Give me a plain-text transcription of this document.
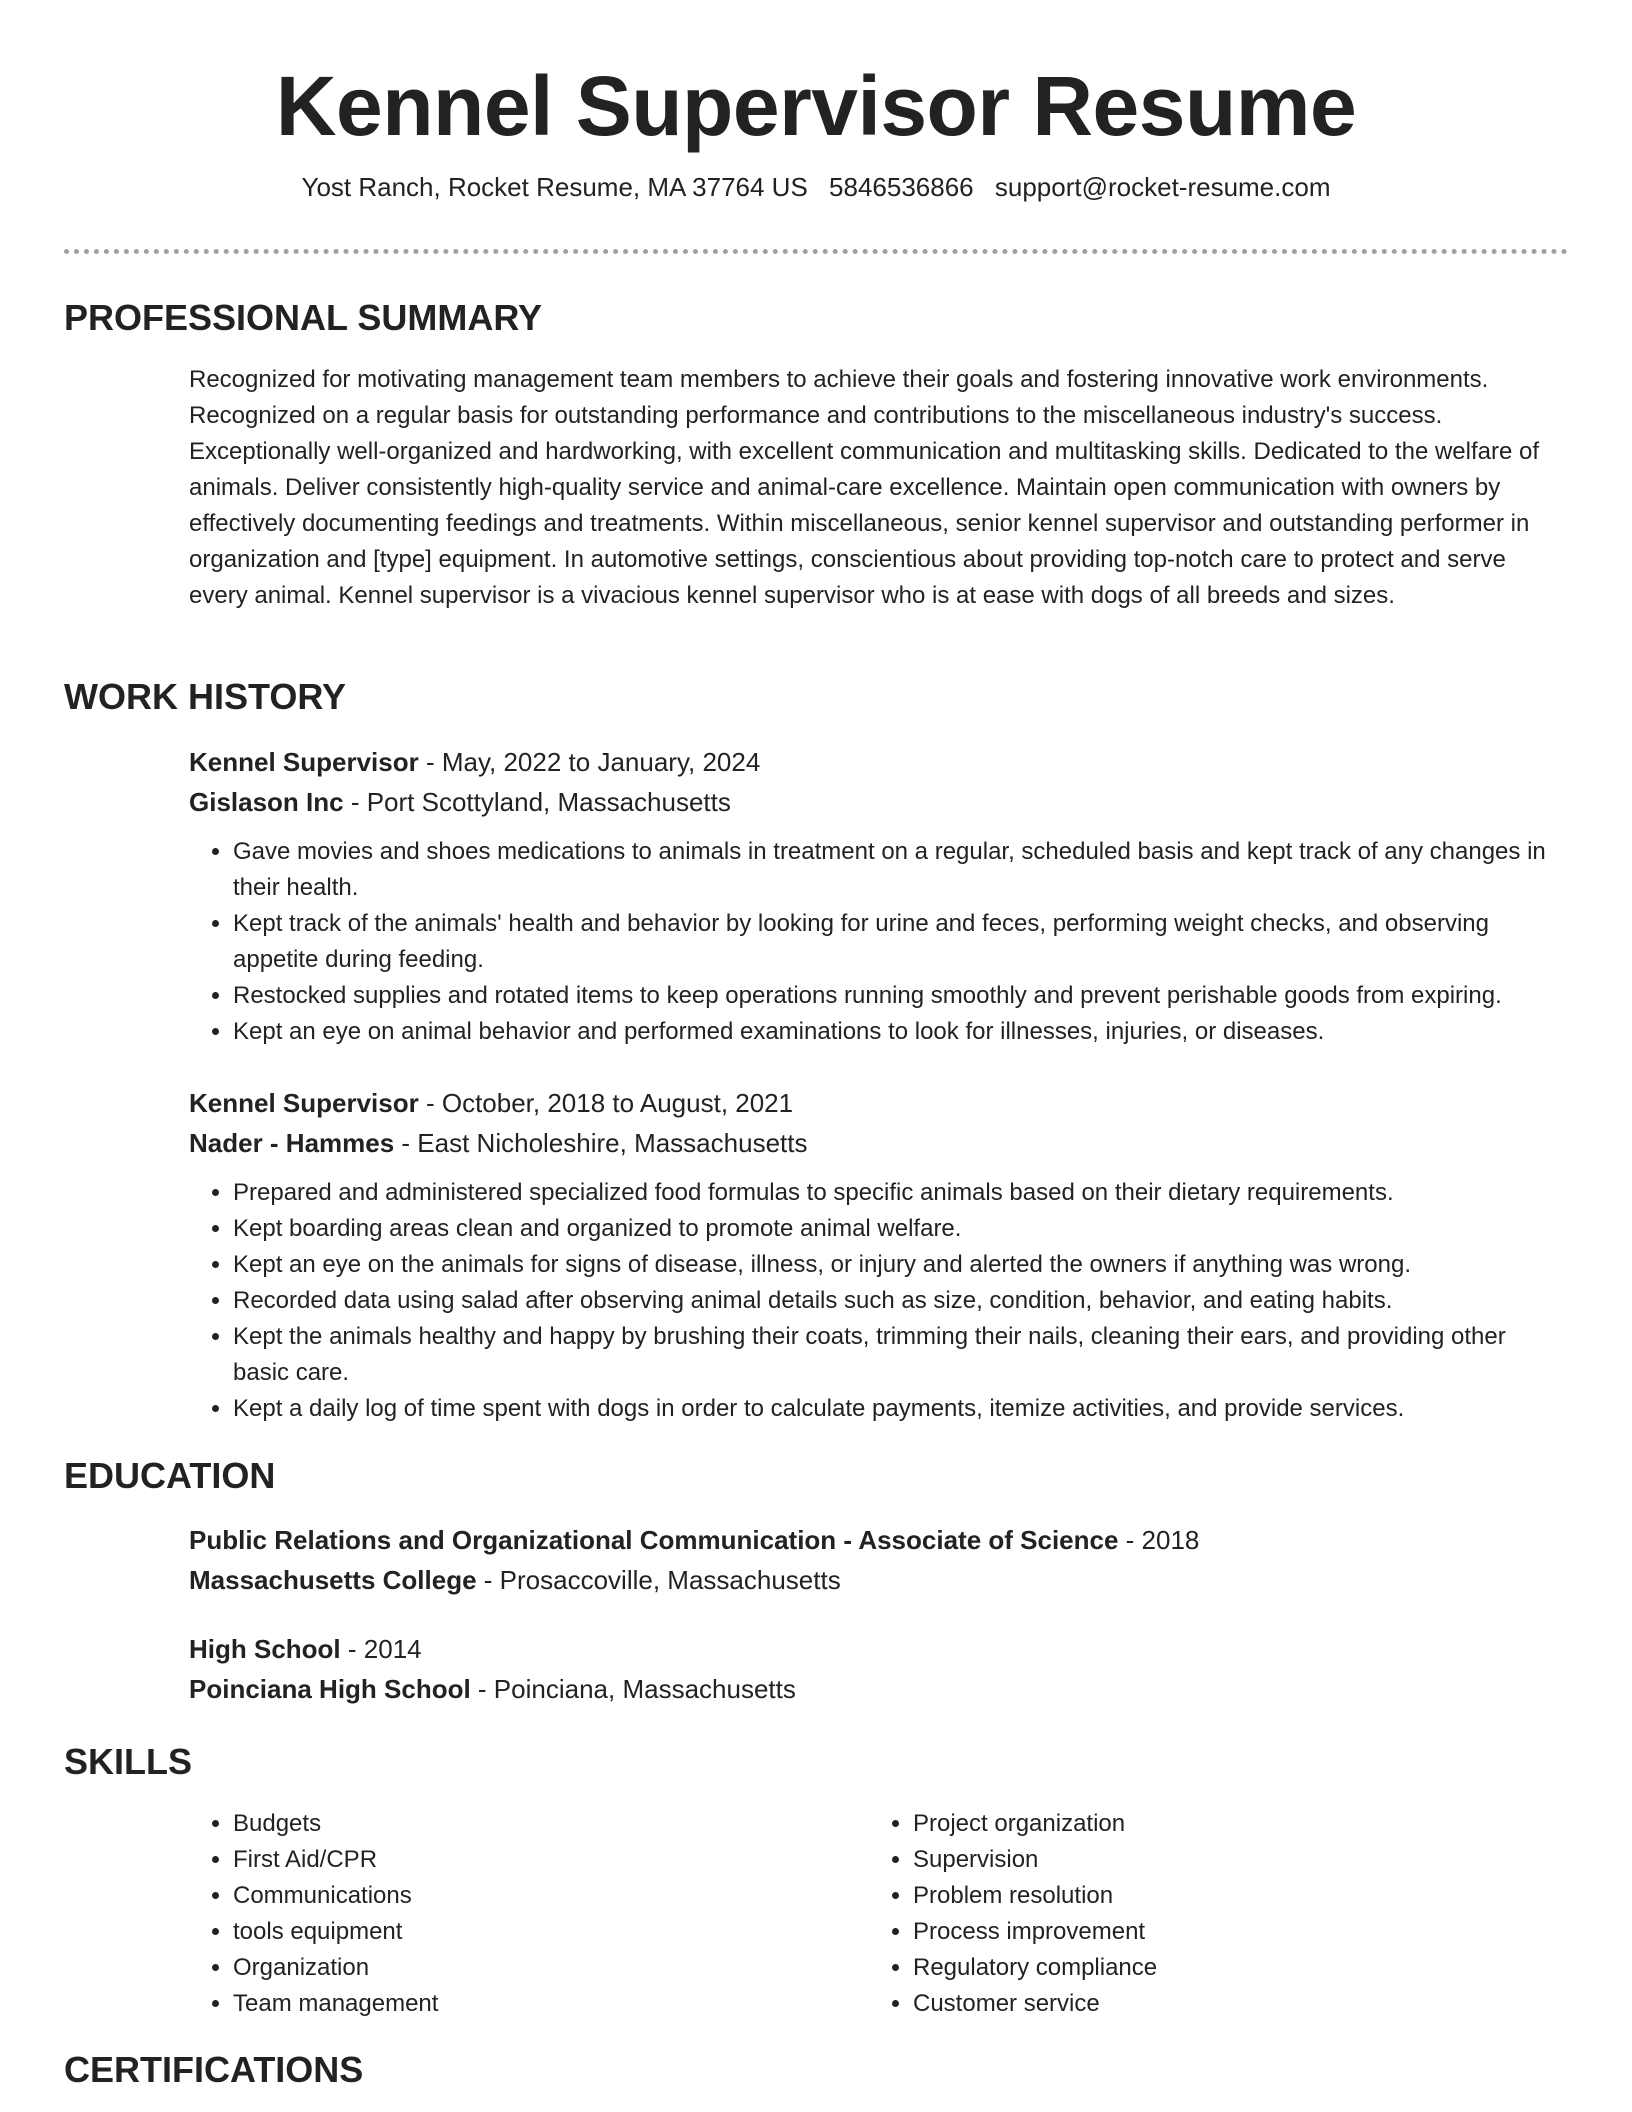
Kennel Supervisor Resume
Yost Ranch, Rocket Resume, MA 37764 US 5846536866 support@rocket-resume.com
PROFESSIONAL SUMMARY

Recognized for motivating management team members to achieve their goals and fostering innovative work environments. Recognized on a regular basis for outstanding performance and contributions to the miscellaneous industry's success. Exceptionally well-organized and hardworking, with excellent communication and multitasking skills. Dedicated to the welfare of animals. Deliver consistently high-quality service and animal-care excellence. Maintain open communication with owners by effectively documenting feedings and treatments. Within miscellaneous, senior kennel supervisor and outstanding performer in organization and [type] equipment. In automotive settings, conscientious about providing top-notch care to protect and serve every animal. Kennel supervisor is a vivacious kennel supervisor who is at ease with dogs of all breeds and sizes.

WORK HISTORY

Kennel Supervisor - May, 2022 to January, 2024

Gislason Inc - Port Scottyland, Massachusetts

• Gave movies and shoes medications to animals in treatment on a regular, scheduled basis and kept track of any changes in their health.
• Kept track of the animals' health and behavior by looking for urine and feces, performing weight checks, and observing appetite during feeding.
• Restocked supplies and rotated items to keep operations running smoothly and prevent perishable goods from expiring.
• Kept an eye on animal behavior and performed examinations to look for illnesses, injuries, or diseases.

Kennel Supervisor - October, 2018 to August, 2021

Nader - Hammes - East Nicholeshire, Massachusetts

• Prepared and administered specialized food formulas to specific animals based on their dietary requirements.
• Kept boarding areas clean and organized to promote animal welfare.
• Kept an eye on the animals for signs of disease, illness, or injury and alerted the owners if anything was wrong.
• Recorded data using salad after observing animal details such as size, condition, behavior, and eating habits.
• Kept the animals healthy and happy by brushing their coats, trimming their nails, cleaning their ears, and providing other basic care.
• Kept a daily log of time spent with dogs in order to calculate payments, itemize activities, and provide services.
EDUCATION

Public Relations and Organizational Communication - Associate of Science - 2018

Massachusetts College - Prosaccoville, Massachusetts

High School - 2014

Poinciana High School - Poinciana, Massachusetts

SKILLS
• Budgets
• First Aid/CPR
• Communications
• tools equipment
• Organization
• Team management
• Project organization
• Supervision
• Problem resolution
• Process improvement
• Regulatory compliance
• Customer service
CERTIFICATIONS
